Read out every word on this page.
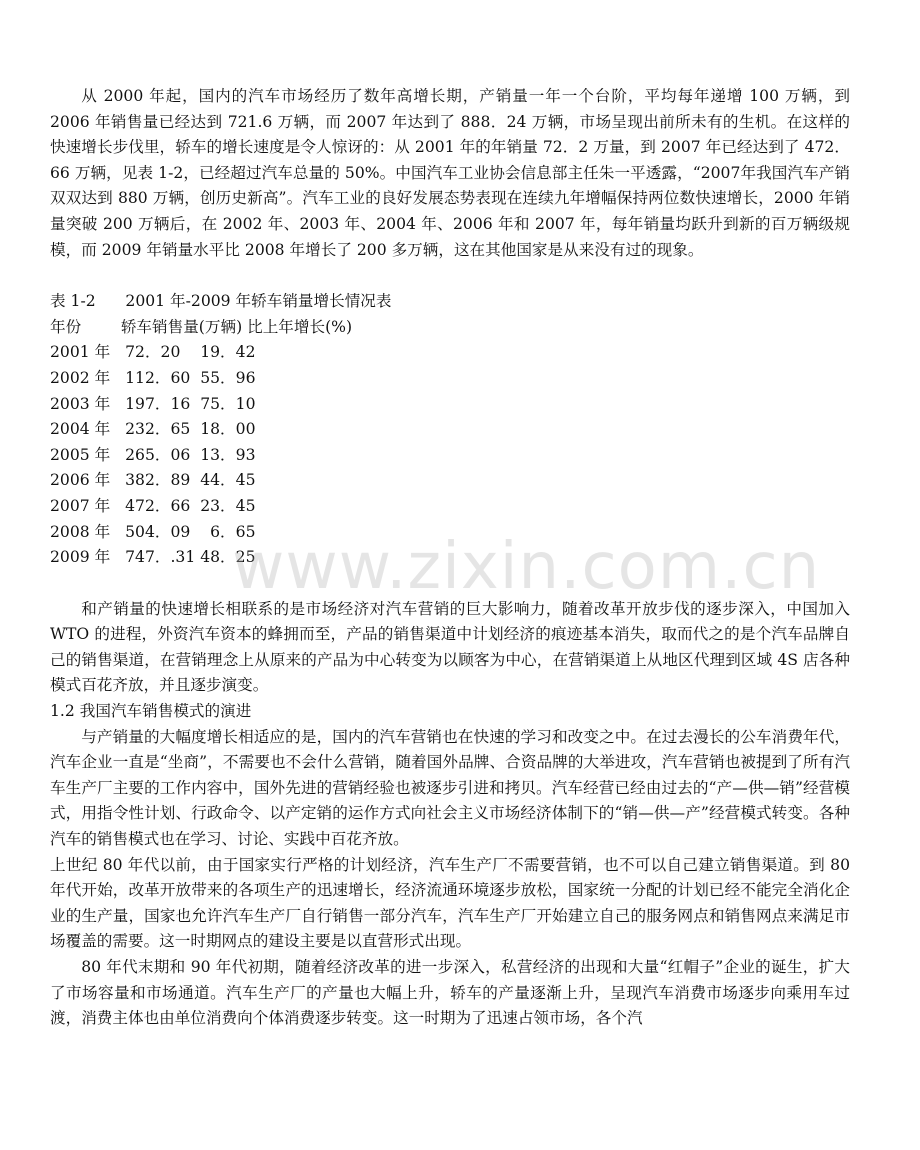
从 2000 年起，国内的汽车市场经历了数年高增长期，产销量一年一个台阶，平均每年递增 100 万辆，到 2006 年销售量已经达到 721.6 万辆，而 2007 年达到了 888．24 万辆，市场呈现出前所未有的生机。在这样的快速增长步伐里，轿车的增长速度是令人惊讶的：从 2001 年的年销量 72．2 万量，到 2007 年已经达到了 472．66 万辆，见表 1-2，已经超过汽车总量的 50%。中国汽车工业协会信息部主任朱一平透露，“2007年我国汽车产销双双达到 880 万辆，创历史新高”。汽车工业的良好发展态势表现在连续九年增幅保持两位数快速增长，2000 年销量突破 200 万辆后，在 2002 年、2003 年、2004 年、2006 年和 2007 年，每年销量均跃升到新的百万辆级规模，而 2009 年销量水平比 2008 年增长了 200 多万辆，这在其他国家是从来没有过的现象。

表 1-2      2001 年-2009 年轿车销量增长情况表

年份        轿车销售量(万辆) 比上年增长(%)

2001 年   72．20    19．42

2002 年   112．60  55．96

2003 年   197．16  75．10

2004 年   232．65  18．00

2005 年   265．06  13．93

2006 年   382．89  44．45

2007 年   472．66  23．45

2008 年   504．09    6．65

2009 年   747．.31 48．25

和产销量的快速增长相联系的是市场经济对汽车营销的巨大影响力，随着改革开放步伐的逐步深入，中国加入 WTO 的进程，外资汽车资本的蜂拥而至，产品的销售渠道中计划经济的痕迹基本消失，取而代之的是个汽车品牌自己的销售渠道，在营销理念上从原来的产品为中心转变为以顾客为中心，在营销渠道上从地区代理到区域 4S 店各种模式百花齐放，并且逐步演变。

1.2 我国汽车销售模式的演进

与产销量的大幅度增长相适应的是，国内的汽车营销也在快速的学习和改变之中。在过去漫长的公车消费年代，汽车企业一直是“坐商”，不需要也不会什么营销，随着国外品牌、合资品牌的大举进攻，汽车营销也被提到了所有汽车生产厂主要的工作内容中，国外先进的营销经验也被逐步引进和拷贝。汽车经营已经由过去的“产—供—销”经营模式，用指令性计划、行政命令、以产定销的运作方式向社会主义市场经济体制下的“销—供—产”经营模式转变。各种汽车的销售模式也在学习、讨论、实践中百花齐放。

上世纪 80 年代以前，由于国家实行严格的计划经济，汽车生产厂不需要营销，也不可以自己建立销售渠道。到 80 年代开始，改革开放带来的各项生产的迅速增长，经济流通环境逐步放松，国家统一分配的计划已经不能完全消化企业的生产量，国家也允许汽车生产厂自行销售一部分汽车，汽车生产厂开始建立自己的服务网点和销售网点来满足市场覆盖的需要。这一时期网点的建设主要是以直营形式出现。

80 年代末期和 90 年代初期，随着经济改革的进一步深入，私营经济的出现和大量“红帽子”企业的诞生，扩大了市场容量和市场通道。汽车生产厂的产量也大幅上升，轿车的产量逐渐上升，呈现汽车消费市场逐步向乘用车过渡，消费主体也由单位消费向个体消费逐步转变。这一时期为了迅速占领市场，各个汽

www.zixin.com.cn
